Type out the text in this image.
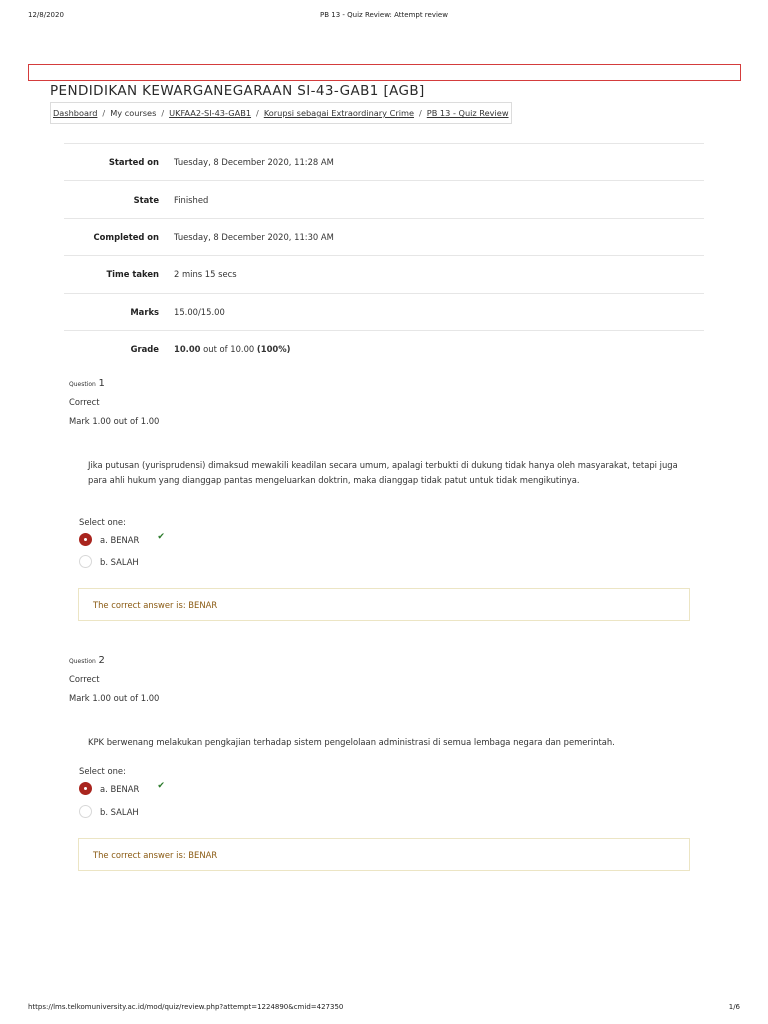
12/8/2020	PB 13 - Quiz Review: Attempt review
PENDIDIKAN KEWARGANEGARAAN SI-43-GAB1 [AGB]
Dashboard / My courses / UKFAA2-SI-43-GAB1 / Korupsi sebagai Extraordinary Crime / PB 13 - Quiz Review
Started on Tuesday, 8 December 2020, 11:28 AM
State Finished
Completed on Tuesday, 8 December 2020, 11:30 AM
Time taken 2 mins 15 secs
Marks 15.00/15.00
Grade 10.00 out of 10.00 (100%)
Question 1
Correct
Mark 1.00 out of 1.00
Jika putusan (yurisprudensi) dimaksud mewakili keadilan secara umum, apalagi terbukti di dukung tidak hanya oleh masyarakat, tetapi juga para ahli hukum yang dianggap pantas mengeluarkan doktrin, maka dianggap tidak patut untuk tidak mengikutinya.
Select one:
a. BENAR ✔
b. SALAH
The correct answer is: BENAR
Question 2
Correct
Mark 1.00 out of 1.00
KPK berwenang melakukan pengkajian terhadap sistem pengelolaan administrasi di semua lembaga negara dan pemerintah.
Select one:
a. BENAR ✔
b. SALAH
The correct answer is: BENAR
https://lms.telkomuniversity.ac.id/mod/quiz/review.php?attempt=1224890&cmid=427350	1/6
